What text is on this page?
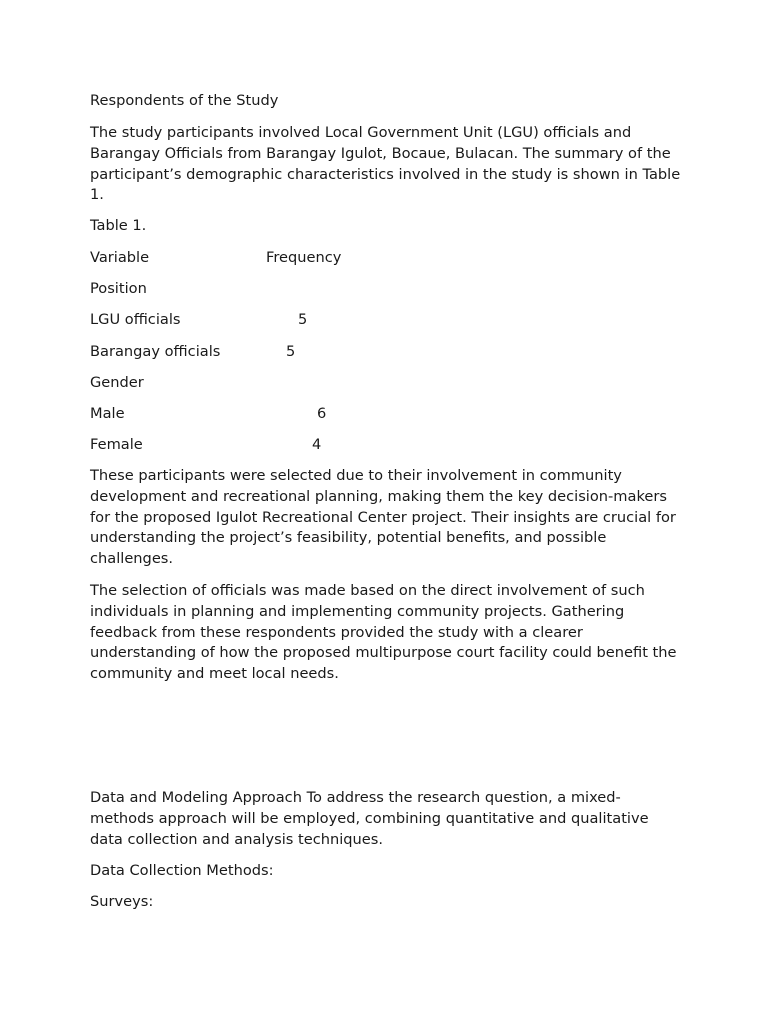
Respondents of the Study

The study participants involved Local Government Unit (LGU) officials and Barangay Officials from Barangay Igulot, Bocaue, Bulacan. The summary of the participant’s demographic characteristics involved in the study is shown in Table 1.

Table 1.

Variable	Frequency
Position
LGU officials	5
Barangay officials	5
Gender
Male	6
Female	4

These participants were selected due to their involvement in community development and recreational planning, making them the key decision-makers for the proposed Igulot Recreational Center project. Their insights are crucial for understanding the project’s feasibility, potential benefits, and possible challenges.

The selection of officials was made based on the direct involvement of such individuals in planning and implementing community projects. Gathering feedback from these respondents provided the study with a clearer understanding of how the proposed multipurpose court facility could benefit the community and meet local needs.

Data and Modeling Approach To address the research question, a mixed-methods approach will be employed, combining quantitative and qualitative data collection and analysis techniques.

Data Collection Methods:

Surveys:
